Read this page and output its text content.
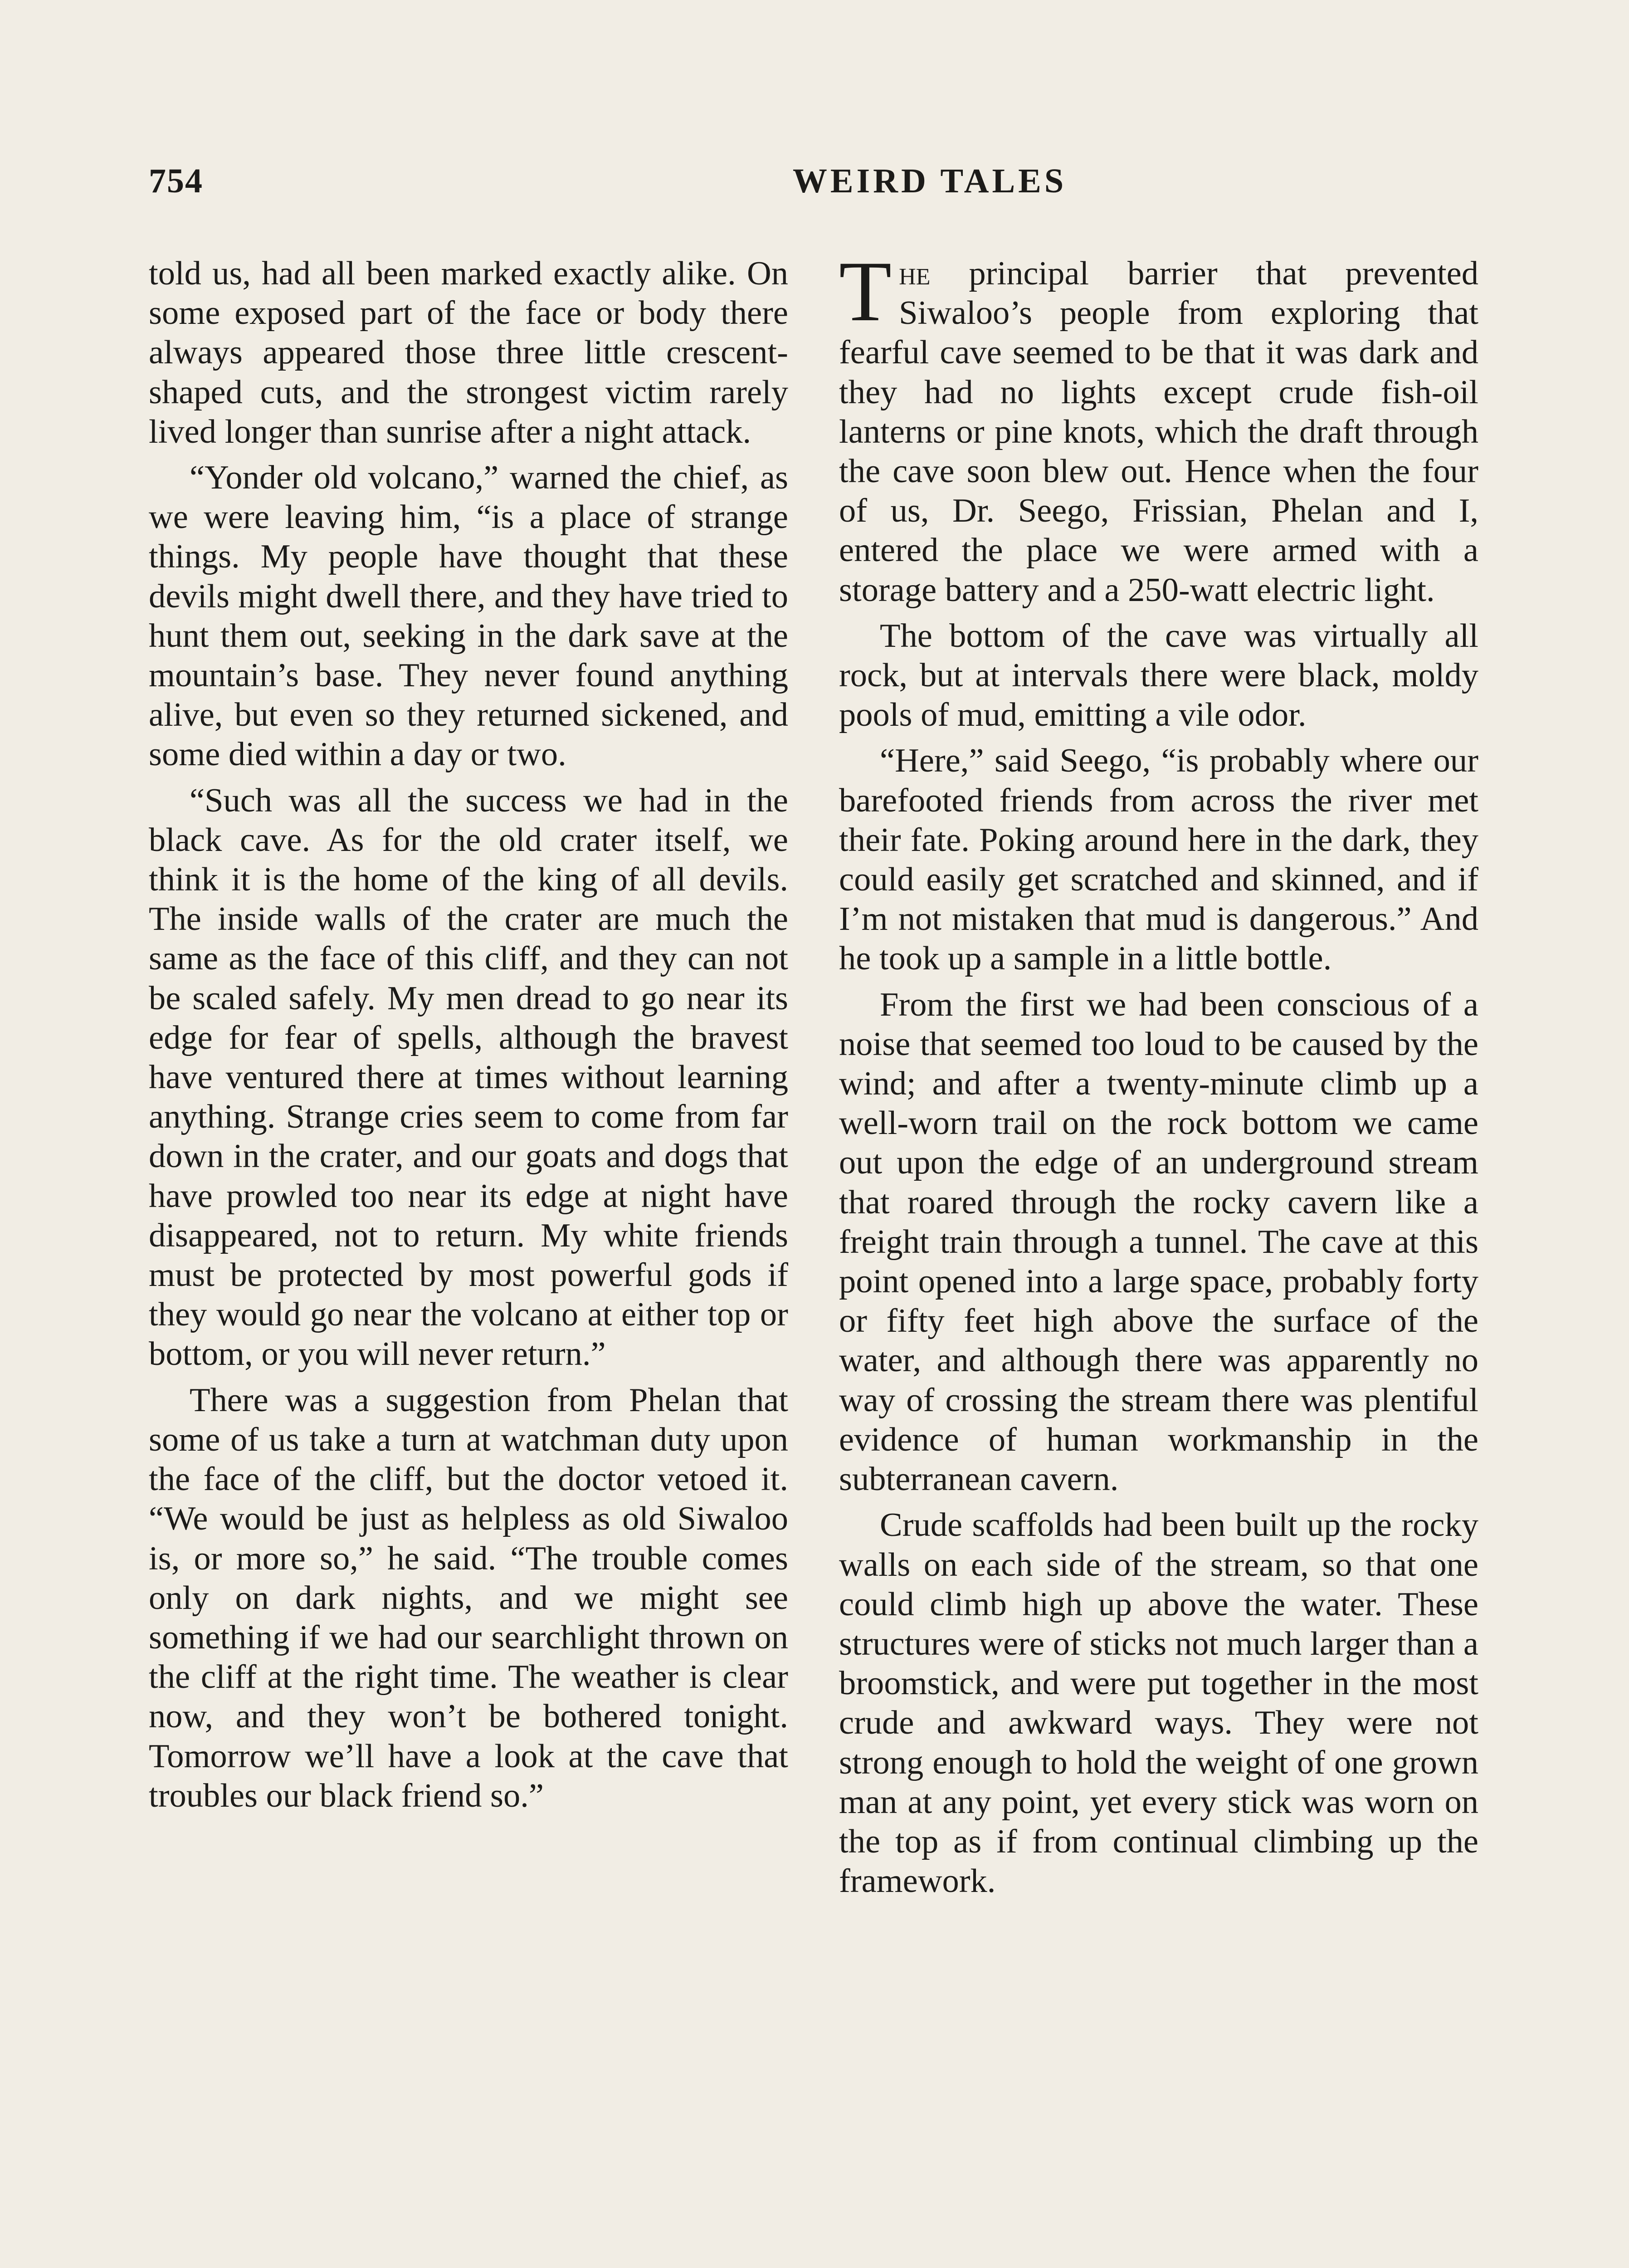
754	WEIRD TALES

told us, had all been marked exactly alike. On some exposed part of the face or body there always appeared those three little crescent-shaped cuts, and the strongest victim rarely lived longer than sunrise after a night attack.

“Yonder old volcano,” warned the chief, as we were leaving him, “is a place of strange things. My people have thought that these devils might dwell there, and they have tried to hunt them out, seeking in the dark save at the mountain’s base. They never found anything alive, but even so they returned sickened, and some died within a day or two.

“Such was all the success we had in the black cave. As for the old crater itself, we think it is the home of the king of all devils. The inside walls of the crater are much the same as the face of this cliff, and they can not be scaled safely. My men dread to go near its edge for fear of spells, although the bravest have ventured there at times without learning anything. Strange cries seem to come from far down in the crater, and our goats and dogs that have prowled too near its edge at night have disappeared, not to return. My white friends must be protected by most powerful gods if they would go near the volcano at either top or bottom, or you will never return.”

There was a suggestion from Phelan that some of us take a turn at watchman duty upon the face of the cliff, but the doctor vetoed it. “We would be just as helpless as old Siwaloo is, or more so,” he said. “The trouble comes only on dark nights, and we might see something if we had our searchlight thrown on the cliff at the right time. The weather is clear now, and they won’t be bothered tonight. Tomorrow we’ll have a look at the cave that troubles our black friend so.”

The principal barrier that prevented Siwaloo’s people from exploring that fearful cave seemed to be that it was dark and they had no lights except crude fish-oil lanterns or pine knots, which the draft through the cave soon blew out. Hence when the four of us, Dr. Seego, Frissian, Phelan and I, entered the place we were armed with a storage battery and a 250-watt electric light.

The bottom of the cave was virtually all rock, but at intervals there were black, moldy pools of mud, emitting a vile odor.

“Here,” said Seego, “is probably where our barefooted friends from across the river met their fate. Poking around here in the dark, they could easily get scratched and skinned, and if I’m not mistaken that mud is dangerous.” And he took up a sample in a little bottle.

From the first we had been conscious of a noise that seemed too loud to be caused by the wind; and after a twenty-minute climb up a well-worn trail on the rock bottom we came out upon the edge of an underground stream that roared through the rocky cavern like a freight train through a tunnel. The cave at this point opened into a large space, probably forty or fifty feet high above the surface of the water, and although there was apparently no way of crossing the stream there was plentiful evidence of human workmanship in the subterranean cavern.

Crude scaffolds had been built up the rocky walls on each side of the stream, so that one could climb high up above the water. These structures were of sticks not much larger than a broomstick, and were put together in the most crude and awkward ways. They were not strong enough to hold the weight of one grown man at any point, yet every stick was worn on the top as if from continual climbing up the framework.
